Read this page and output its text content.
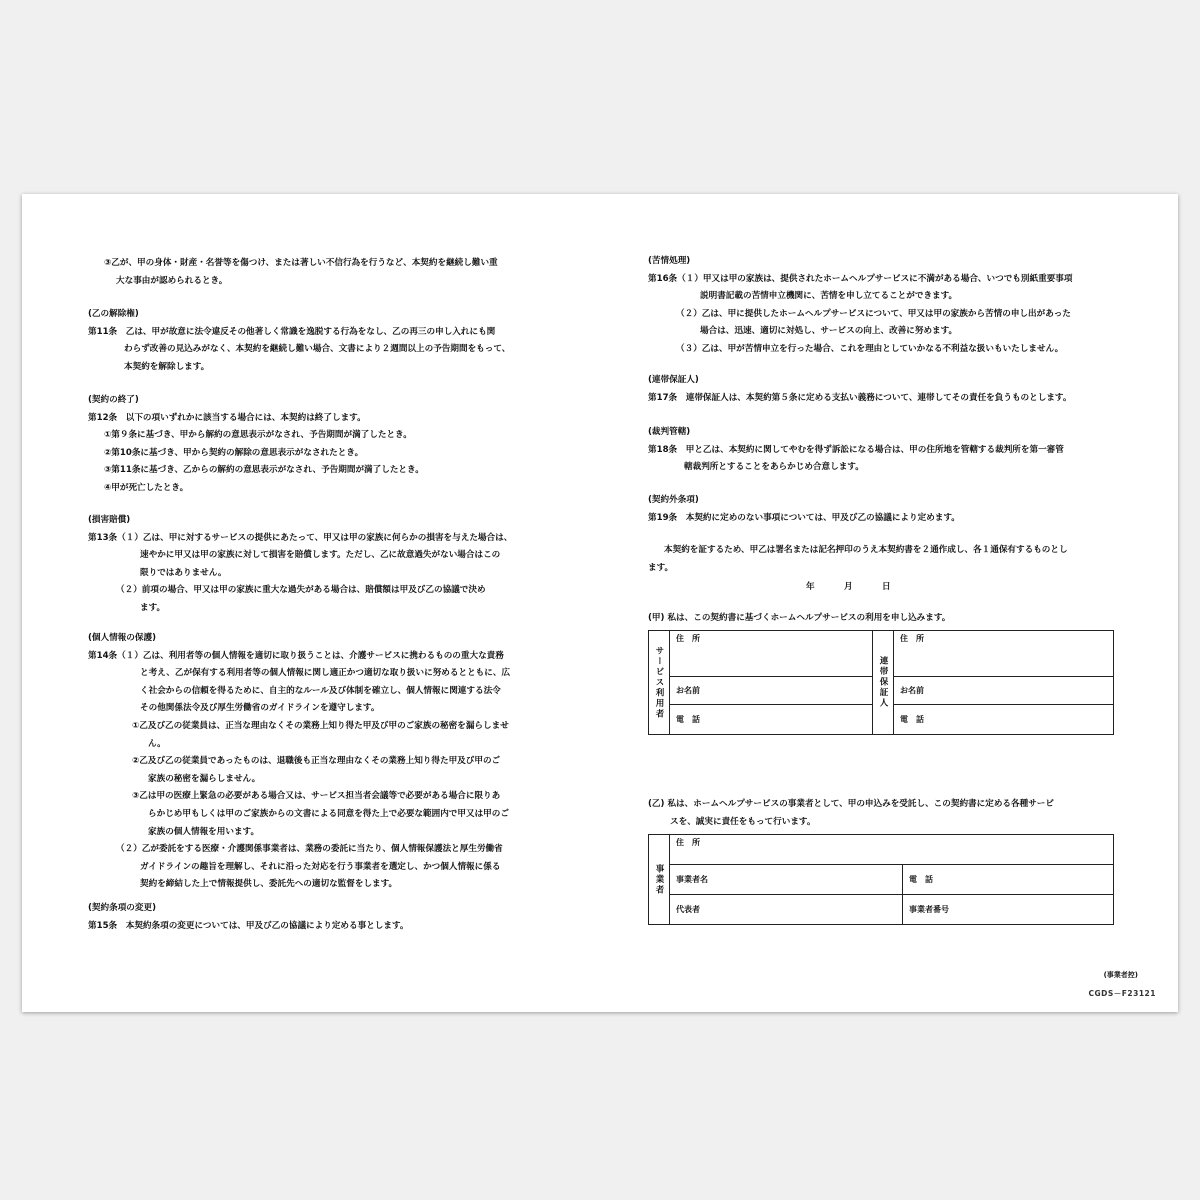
③乙が、甲の身体・財産・名誉等を傷つけ、または著しい不信行為を行うなど、本契約を継続し難い重
大な事由が認められるとき。
(乙の解除権)
第11条　乙は、甲が故意に法令違反その他著しく常識を逸脱する行為をなし、乙の再三の申し入れにも関
わらず改善の見込みがなく、本契約を継続し難い場合、文書により２週間以上の予告期間をもって、
本契約を解除します。
(契約の終了)
第12条　以下の項いずれかに該当する場合には、本契約は終了します。
①第９条に基づき、甲から解約の意思表示がなされ、予告期間が満了したとき。
②第10条に基づき、甲から契約の解除の意思表示がなされたとき。
③第11条に基づき、乙からの解約の意思表示がなされ、予告期間が満了したとき。
④甲が死亡したとき。
(損害賠償)
第13条（１）乙は、甲に対するサービスの提供にあたって、甲又は甲の家族に何らかの損害を与えた場合は、
速やかに甲又は甲の家族に対して損害を賠償します。ただし、乙に故意過失がない場合はこの
限りではありません。
（２）前項の場合、甲又は甲の家族に重大な過失がある場合は、賠償額は甲及び乙の協議で決め
ます。
(個人情報の保護)
第14条（１）乙は、利用者等の個人情報を適切に取り扱うことは、介護サービスに携わるものの重大な責務
と考え、乙が保有する利用者等の個人情報に関し適正かつ適切な取り扱いに努めるとともに、広
く社会からの信頼を得るために、自主的なルール及び体制を確立し、個人情報に関連する法令
その他関係法令及び厚生労働省のガイドラインを遵守します。
①乙及び乙の従業員は、正当な理由なくその業務上知り得た甲及び甲のご家族の秘密を漏らしませ
ん。
②乙及び乙の従業員であったものは、退職後も正当な理由なくその業務上知り得た甲及び甲のご
家族の秘密を漏らしません。
③乙は甲の医療上緊急の必要がある場合又は、サービス担当者会議等で必要がある場合に限りあ
らかじめ甲もしくは甲のご家族からの文書による同意を得た上で必要な範囲内で甲又は甲のご
家族の個人情報を用います。
（２）乙が委託をする医療・介護関係事業者は、業務の委託に当たり、個人情報保護法と厚生労働省
ガイドラインの趣旨を理解し、それに沿った対応を行う事業者を選定し、かつ個人情報に係る
契約を締結した上で情報提供し、委託先への適切な監督をします。
(契約条項の変更)
第15条　本契約条項の変更については、甲及び乙の協議により定める事とします。
(苦情処理)
第16条（１）甲又は甲の家族は、提供されたホームヘルプサービスに不満がある場合、いつでも別紙重要事項
説明書記載の苦情申立機関に、苦情を申し立てることができます。
（２）乙は、甲に提供したホームヘルプサービスについて、甲又は甲の家族から苦情の申し出があった
場合は、迅速、適切に対処し、サービスの向上、改善に努めます。
（３）乙は、甲が苦情申立を行った場合、これを理由としていかなる不利益な扱いもいたしません。
(連帯保証人)
第17条　連帯保証人は、本契約第５条に定める支払い義務について、連帯してその責任を負うものとします。
(裁判管轄)
第18条　甲と乙は、本契約に関してやむを得ず訴訟になる場合は、甲の住所地を管轄する裁判所を第一審管
轄裁判所とすることをあらかじめ合意します。
(契約外条項)
第19条　本契約に定めのない事項については、甲及び乙の協議により定めます。
本契約を証するため、甲乙は署名または記名押印のうえ本契約書を２通作成し、各１通保有するものとし
ます。
年	月	日
(甲) 私は、この契約書に基づくホームヘルプサービスの利用を申し込みます。
サービス利用者	住　所	連帯保証人	住　所
	お名前		お名前
	電　話		電　話
(乙) 私は、ホームヘルプサービスの事業者として、甲の申込みを受託し、この契約書に定める各種サービ
スを、誠実に責任をもって行います。
事業者	住　所	
	事業者名	電　話
	代表者	事業者番号
(事業者控)
CGDS－F23121
